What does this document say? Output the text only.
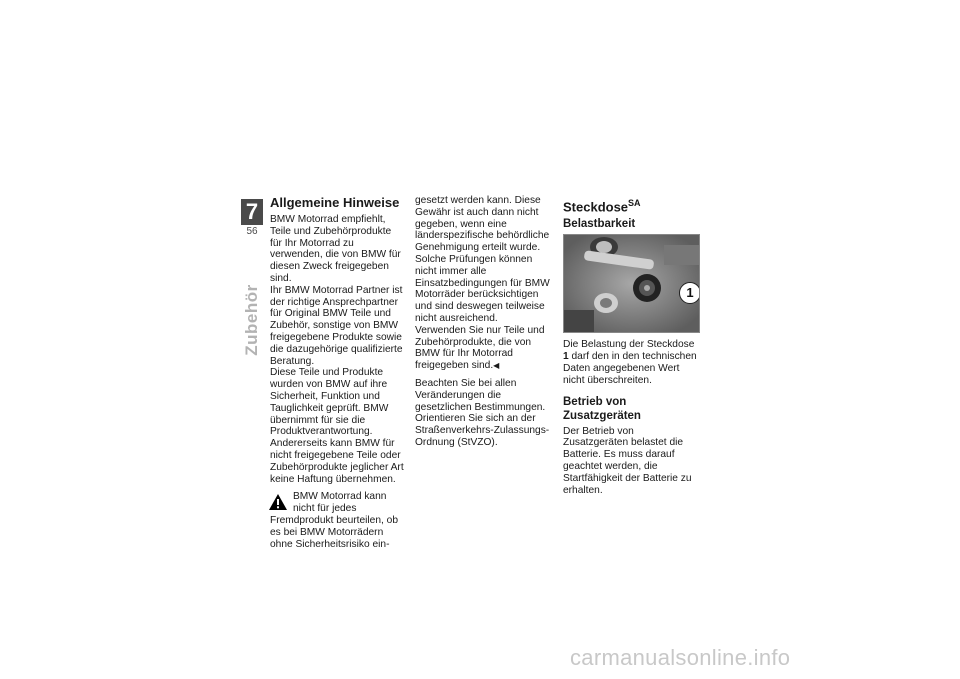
7
56
Zubehör
Allgemeine Hinweise

BMW Motorrad empfiehlt, Teile und Zubehörprodukte für Ihr Motorrad zu verwenden, die von BMW für diesen Zweck freigegeben sind.

Ihr BMW Motorrad Partner ist der richtige Ansprechpartner für Original BMW Teile und Zubehör, sonstige von BMW freigegebene Produkte sowie die dazugehörige qualifizierte Beratung.

Diese Teile und Produkte wurden von BMW auf ihre Sicherheit, Funktion und Tauglichkeit geprüft. BMW übernimmt für sie die Produktverantwortung.

Andererseits kann BMW für nicht freigegebene Teile oder Zubehörprodukte jeglicher Art keine Haftung übernehmen.

BMW Motorrad kann nicht für jedes Fremdprodukt beurteilen, ob es bei BMW Motorrädern ohne Sicherheitsrisiko ein-

gesetzt werden kann. Diese Gewähr ist auch dann nicht gegeben, wenn eine länderspezifische behördliche Genehmigung erteilt wurde. Solche Prüfungen können nicht immer alle Einsatzbedingungen für BMW Motorräder berücksichtigen und sind deswegen teilweise nicht ausreichend.

Verwenden Sie nur Teile und Zubehörprodukte, die von BMW für Ihr Motorrad freigegeben sind.◀

Beachten Sie bei allen Veränderungen die gesetzlichen Bestimmungen. Orientieren Sie sich an der Straßenverkehrs-Zulassungs-Ordnung (StVZO).

Steckdose$^{SA}$
Belastbarkeit
1

Die Belastung der Steckdose 1 darf den in den technischen Daten angegebenen Wert nicht überschreiten.

Betrieb von Zusatzgeräten

Der Betrieb von Zusatzgeräten belastet die Batterie. Es muss darauf geachtet werden, die Startfähigkeit der Batterie zu erhalten.

carmanualsonline.info
